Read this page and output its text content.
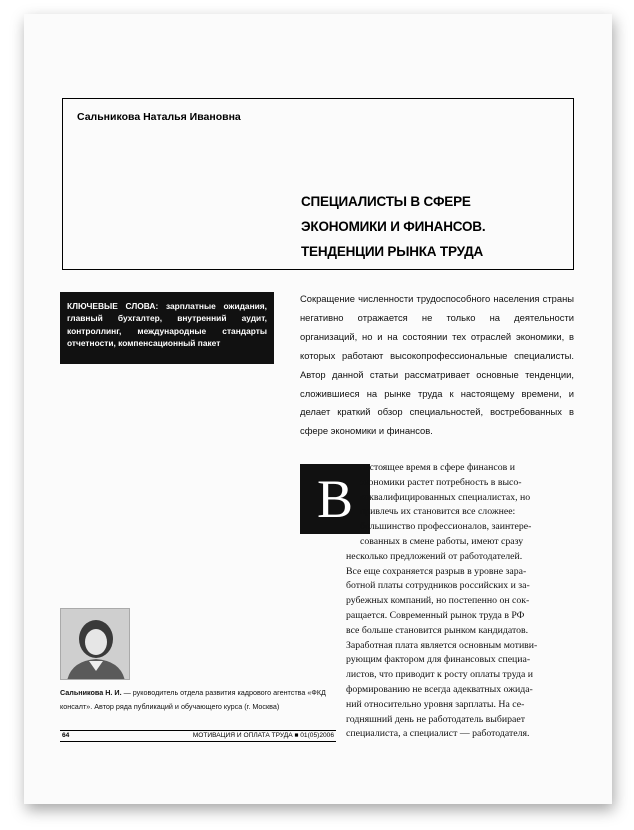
Сальникова Наталья Ивановна
СПЕЦИАЛИСТЫ В СФЕРЕ
ЭКОНОМИКИ И ФИНАНСОВ.
ТЕНДЕНЦИИ РЫНКА ТРУДА
КЛЮЧЕВЫЕ СЛОВА: зарплатные ожидания, главный бухгалтер, внутренний аудит, контроллинг, международные стандарты отчетности, компенсационный пакет
Сокращение численности трудоспособного населения страны негативно отражается не только на деятельности организаций, но и на состоянии тех отраслей экономики, в которых работают высокопрофессиональные специалисты. Автор данной статьи рассматривает основные тенденции, сложившиеся на рынке труда к настоящему времени, и делает краткий обзор специальностей, востребованных в сфере экономики и финансов.
В
настоящее время в сфере финансов и
экономики растет потребность в высо-
коквалифицированных специалистах, но
привлечь их становится все сложнее:
большинство профессионалов, заинтере-
сованных в смене работы, имеют сразу
несколько предложений от работодателей.
Все еще сохраняется разрыв в уровне зара-
ботной платы сотрудников российских и за-
рубежных компаний, но постепенно он сок-
ращается. Современный рынок труда в РФ
все больше становится рынком кандидатов.
Заработная плата является основным мотиви-
рующим фактором для финансовых специа-
листов, что приводит к росту оплаты труда и
формированию не всегда адекватных ожида-
ний относительно уровня зарплаты. На се-
годняшний день не работодатель выбирает
специалиста, а специалист — работодателя.
Сальникова Н. И. — руководитель отдела развития кадрового агентства «ФКД консалт». Автор ряда публикаций и обучающего курса (г. Москва)
64	МОТИВАЦИЯ И ОПЛАТА ТРУДА ■ 01(05)2006
